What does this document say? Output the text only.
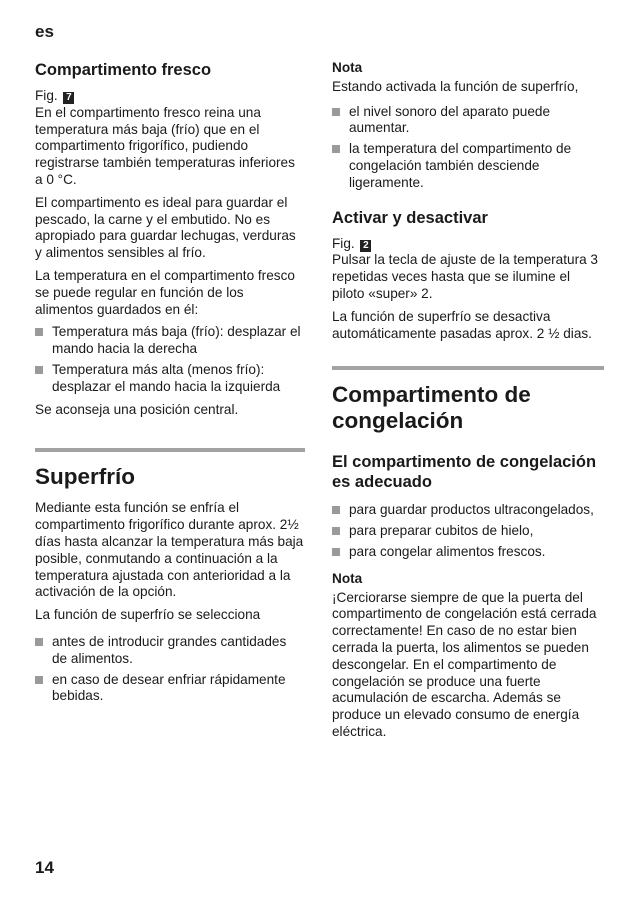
es
Compartimento fresco

Fig. 7

En el compartimento fresco reina una temperatura más baja (frío) que en el compartimento frigorífico, pudiendo registrarse también temperaturas inferiores a 0 °C.

El compartimento es ideal para guardar el pescado, la carne y el embutido. No es apropiado para guardar lechugas, verduras y alimentos sensibles al frío.

La temperatura en el compartimento fresco se puede regular en función de los alimentos guardados en él:

Temperatura más baja (frío): desplazar el mando hacia la derecha
Temperatura más alta (menos frío): desplazar el mando hacia la izquierda

Se aconseja una posición central.

Superfrío

Mediante esta función se enfría el compartimento frigorífico durante aprox. 2½ días hasta alcanzar la temperatura más baja posible, conmutando a continuación a la temperatura ajustada con anterioridad a la activación de la opción.

La función de superfrío se selecciona

antes de introducir grandes cantidades de alimentos.
en caso de desear enfriar rápidamente bebidas.

Nota

Estando activada la función de superfrío,

el nivel sonoro del aparato puede aumentar.
la temperatura del compartimento de congelación también desciende ligeramente.
Activar y desactivar

Fig. 2

Pulsar la tecla de ajuste de la temperatura 3 repetidas veces hasta que se ilumine el piloto «super» 2.

La función de superfrío se desactiva automáticamente pasadas aprox. 2 ½ dias.

Compartimento de congelación
El compartimento de congelación es adecuado
para guardar productos ultracongelados,
para preparar cubitos de hielo,
para congelar alimentos frescos.

Nota

¡Cerciorarse siempre de que la puerta del compartimento de congelación está cerrada correctamente! En caso de no estar bien cerrada la puerta, los alimentos se pueden descongelar. En el compartimento de congelación se produce una fuerte acumulación de escarcha. Además se produce un elevado consumo de energía eléctrica.

14
